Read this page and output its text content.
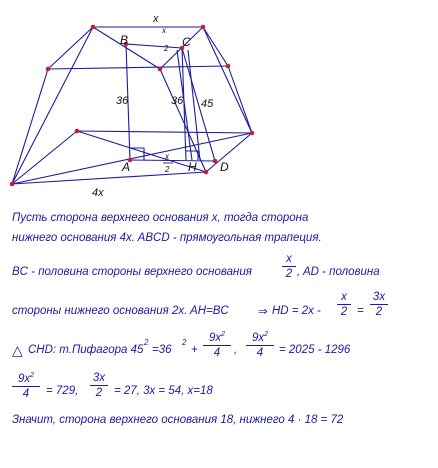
x
x
B	C
2
36	36 45
A	H D
x
2
4x
Пусть сторона верхнего основания x, тогда сторона
нижнего основания 4x. ABCD - прямоугольная трапеция.
BC - половина стороны верхнего основания
x
2 , AD - половина
стороны нижнего основания 2x. AH=BC	⇒ HD = 2x -
x
2 =
3x
2
△ CHD: т.Пифагора 45
2
=36
2
+
$9x^2$
4	,
$9x^2$
4	= 2025 - 1296
$9x^2$
4	= 729,
3x
2	= 27, 3x = 54, x=18
Значит, сторона верхнего основания 18, нижнего 4 · 18 = 72
